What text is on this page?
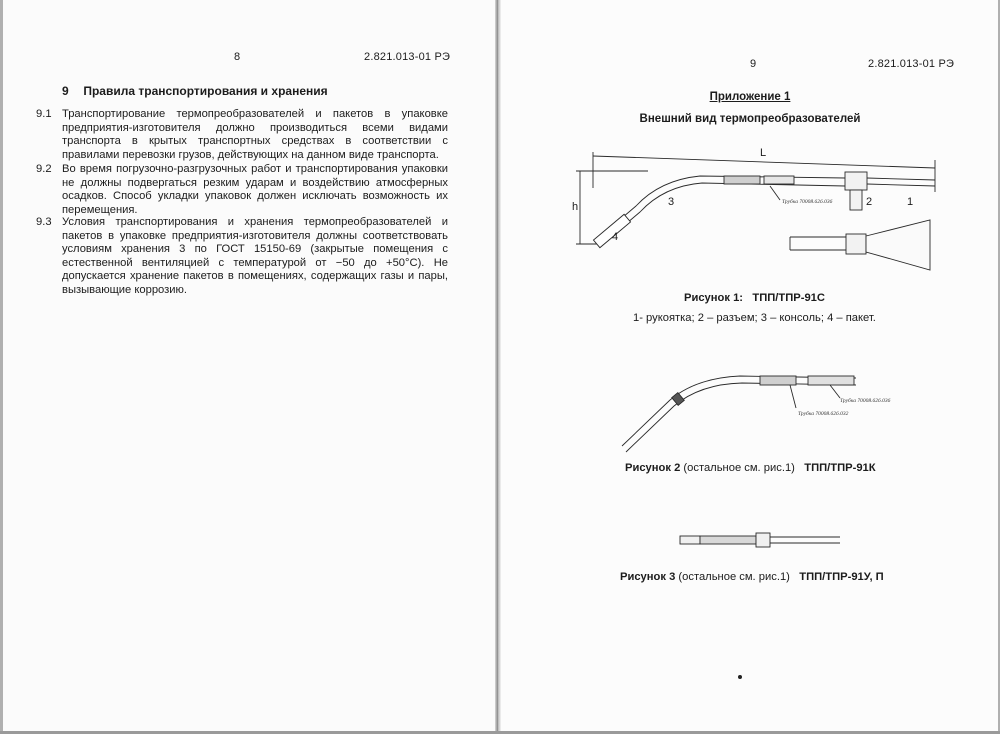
8	2.821.013-01 РЭ
9 Правила транспортирования и хранения
9.1 Транспортирование термопреобразователей и пакетов в упаковке предприятия-изготовителя должно производиться всеми видами транспорта в крытых транспортных средствах в соответствии с правилами перевозки грузов, действующих на данном виде транспорта.
9.2 Во время погрузочно-разгрузочных работ и транспортирования упаковки не должны подвергаться резким ударам и воздействию атмосферных осадков. Способ укладки упаковок должен исключать возможность их перемещения.
9.3 Условия транспортирования и хранения термопреобразователей и пакетов в упаковке предприятия-изготовителя должны соответствовать условиям хранения 3 по ГОСТ 15150-69 (закрытые помещения с естественной вентиляцией с температурой от −50 до +50°С). Не допускается хранение пакетов в помещениях, содержащих газы и пары, вызывающие коррозию.
9	2.821.013-01 РЭ
Приложение 1
Внешний вид термопреобразователей
3
4
2	1
L
h	Трубка 70008.626.036
Трубка 70008.626.036
Трубка 70008.626.032
Рисунок 1: ТПП/ТПР-91С
1- рукоятка; 2 – разъем; 3 – консоль; 4 – пакет.
Рисунок 2 (остальное см. рис.1) ТПП/ТПР-91К
Рисунок 3 (остальное см. рис.1) ТПП/ТПР-91У, П
